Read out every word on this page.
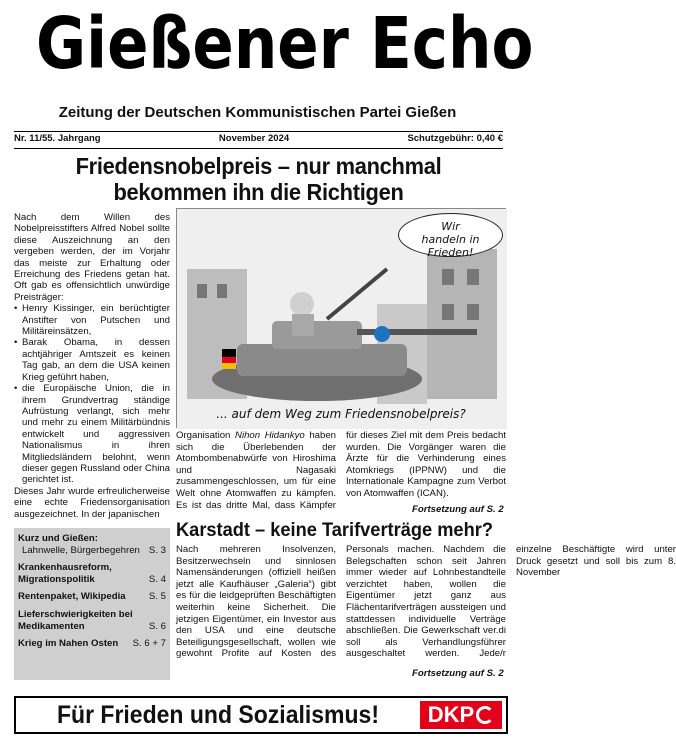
Gießener Echo
Zeitung der Deutschen Kommunistischen Partei Gießen
Nr. 11/55. Jahrgang	November 2024	Schutzgebühr: 0,40 €
Friedensnobelpreis – nur manchmal
bekommen ihn die Richtigen

Nach dem Willen des Nobelpreisstifters Alfred Nobel sollte diese Auszeichnung an den vergeben werden, der im Vorjahr das meiste zur Erhaltung oder Erreichung des Friedens getan hat. Oft gab es offensichtlich unwürdige Preisträger:

• Henry Kissinger, ein berüchtigter Anstifter von Putschen und Militäreinsätzen,
• Barak Obama, in dessen achtjähriger Amtszeit es keinen Tag gab, an dem die USA keinen Krieg geführt haben,
• die Europäische Union, die in ihrem Grundvertrag ständige Aufrüstung verlangt, sich mehr und mehr zu einem Militärbündnis entwickelt und aggressiven Nationalismus in ihren Mitgliedsländern belohnt, wenn dieser gegen Russland oder China gerichtet ist.

Dieses Jahr wurde erfreulicherweise eine echte Friedensorganisation ausgezeichnet. In der japanischen

Wir
handeln in Frieden!
... auf dem Weg zum Friedensnobelpreis?
Organisation Nihon Hidankyo haben sich die Überlebenden der Atombombenabwürfe von Hiroshima und Nagasaki zusammengeschlossen, um für eine Welt ohne Atomwaffen zu kämpfen. Es ist das dritte Mal, dass Kämpfer für dieses Ziel mit dem Preis bedacht wurden. Die Vorgänger waren die Ärzte für die Verhinderung eines Atomkriegs (IPPNW) und die Internationale Kampagne zum Verbot von Atomwaffen (ICAN).
Fortsetzung auf S. 2
Kurz und Gießen:
Lahnwelle, Bürgerbegehren S. 3
Krankenhausreform, Migrationspolitik	S. 4
Rentenpaket, Wikipedia S. 5
Lieferschwierigkeiten bei Medikamenten	S. 6
Krieg im Nahen Osten S. 6 + 7
Karstadt – keine Tarifverträge mehr?
Nach mehreren Insolvenzen, Besitzerwechseln und sinnlosen Namensänderungen (offiziell heißen jetzt alle Kaufhäuser „Galeria“) gibt es für die leidgeprüften Beschäftigten weiterhin keine Sicherheit. Die jetzigen Eigentümer, ein Investor aus den USA und eine deutsche Beteiligungsgesellschaft, wollen wie gewohnt Profite auf Kosten des Personals machen. Nachdem die Belegschaften schon seit Jahren immer wieder auf Lohnbestandteile verzichtet haben, wollen die Eigentümer jetzt ganz aus Flächentarifverträgen aussteigen und stattdessen individuelle Verträge abschließen. Die Gewerkschaft ver.di soll als Verhandlungsführer ausgeschaltet werden. Jede/r einzelne Beschäftigte wird unter Druck gesetzt und soll bis zum 8. November
Fortsetzung auf S. 2
Für Frieden und Sozialismus!	DKP
